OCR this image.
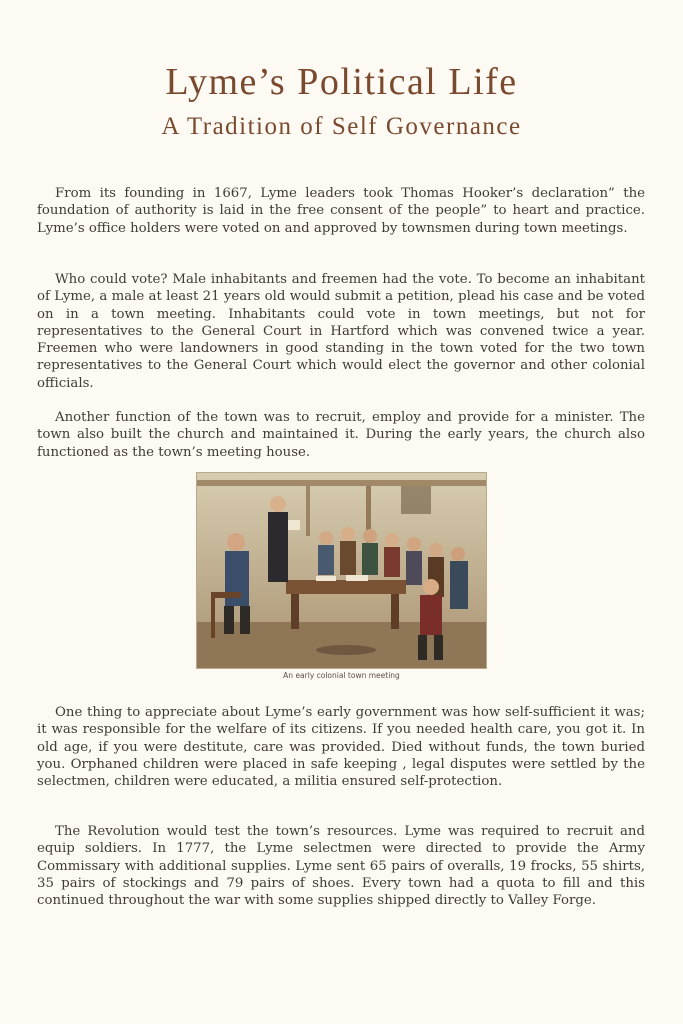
Lyme’s Political Life
A Tradition of Self Governance

From its founding in 1667, Lyme leaders took Thomas Hooker’s declaration” the foundation of authority is laid in the free consent of the people” to heart and practice. Lyme’s office holders were voted on and approved by townsmen during town meetings.

Who could vote? Male inhabitants and freemen had the vote. To become an inhabitant of Lyme, a male at least 21 years old would submit a petition, plead his case and be voted on in a town meeting. Inhabitants could vote in town meetings, but not for representatives to the General Court in Hartford which was convened twice a year. Freemen who were landowners in good standing in the town voted for the two town representatives to the General Court which would elect the governor and other colonial officials.

Another function of the town was to recruit, employ and provide for a minister. The town also built the church and maintained it. During the early years, the church also functioned as the town’s meeting house.

An early colonial town meeting

One thing to appreciate about Lyme’s early government was how self-sufficient it was; it was responsible for the welfare of its citizens. If you needed health care, you got it. In old age, if you were destitute, care was provided. Died without funds, the town buried you. Orphaned children were placed in safe keeping , legal disputes were settled by the selectmen, children were educated, a militia ensured self-protection.

The Revolution would test the town’s resources. Lyme was required to recruit and equip soldiers. In 1777, the Lyme selectmen were directed to provide the Army Commissary with additional supplies. Lyme sent 65 pairs of overalls, 19 frocks, 55 shirts, 35 pairs of stockings and 79 pairs of shoes. Every town had a quota to fill and this continued throughout the war with some supplies shipped directly to Valley Forge.
